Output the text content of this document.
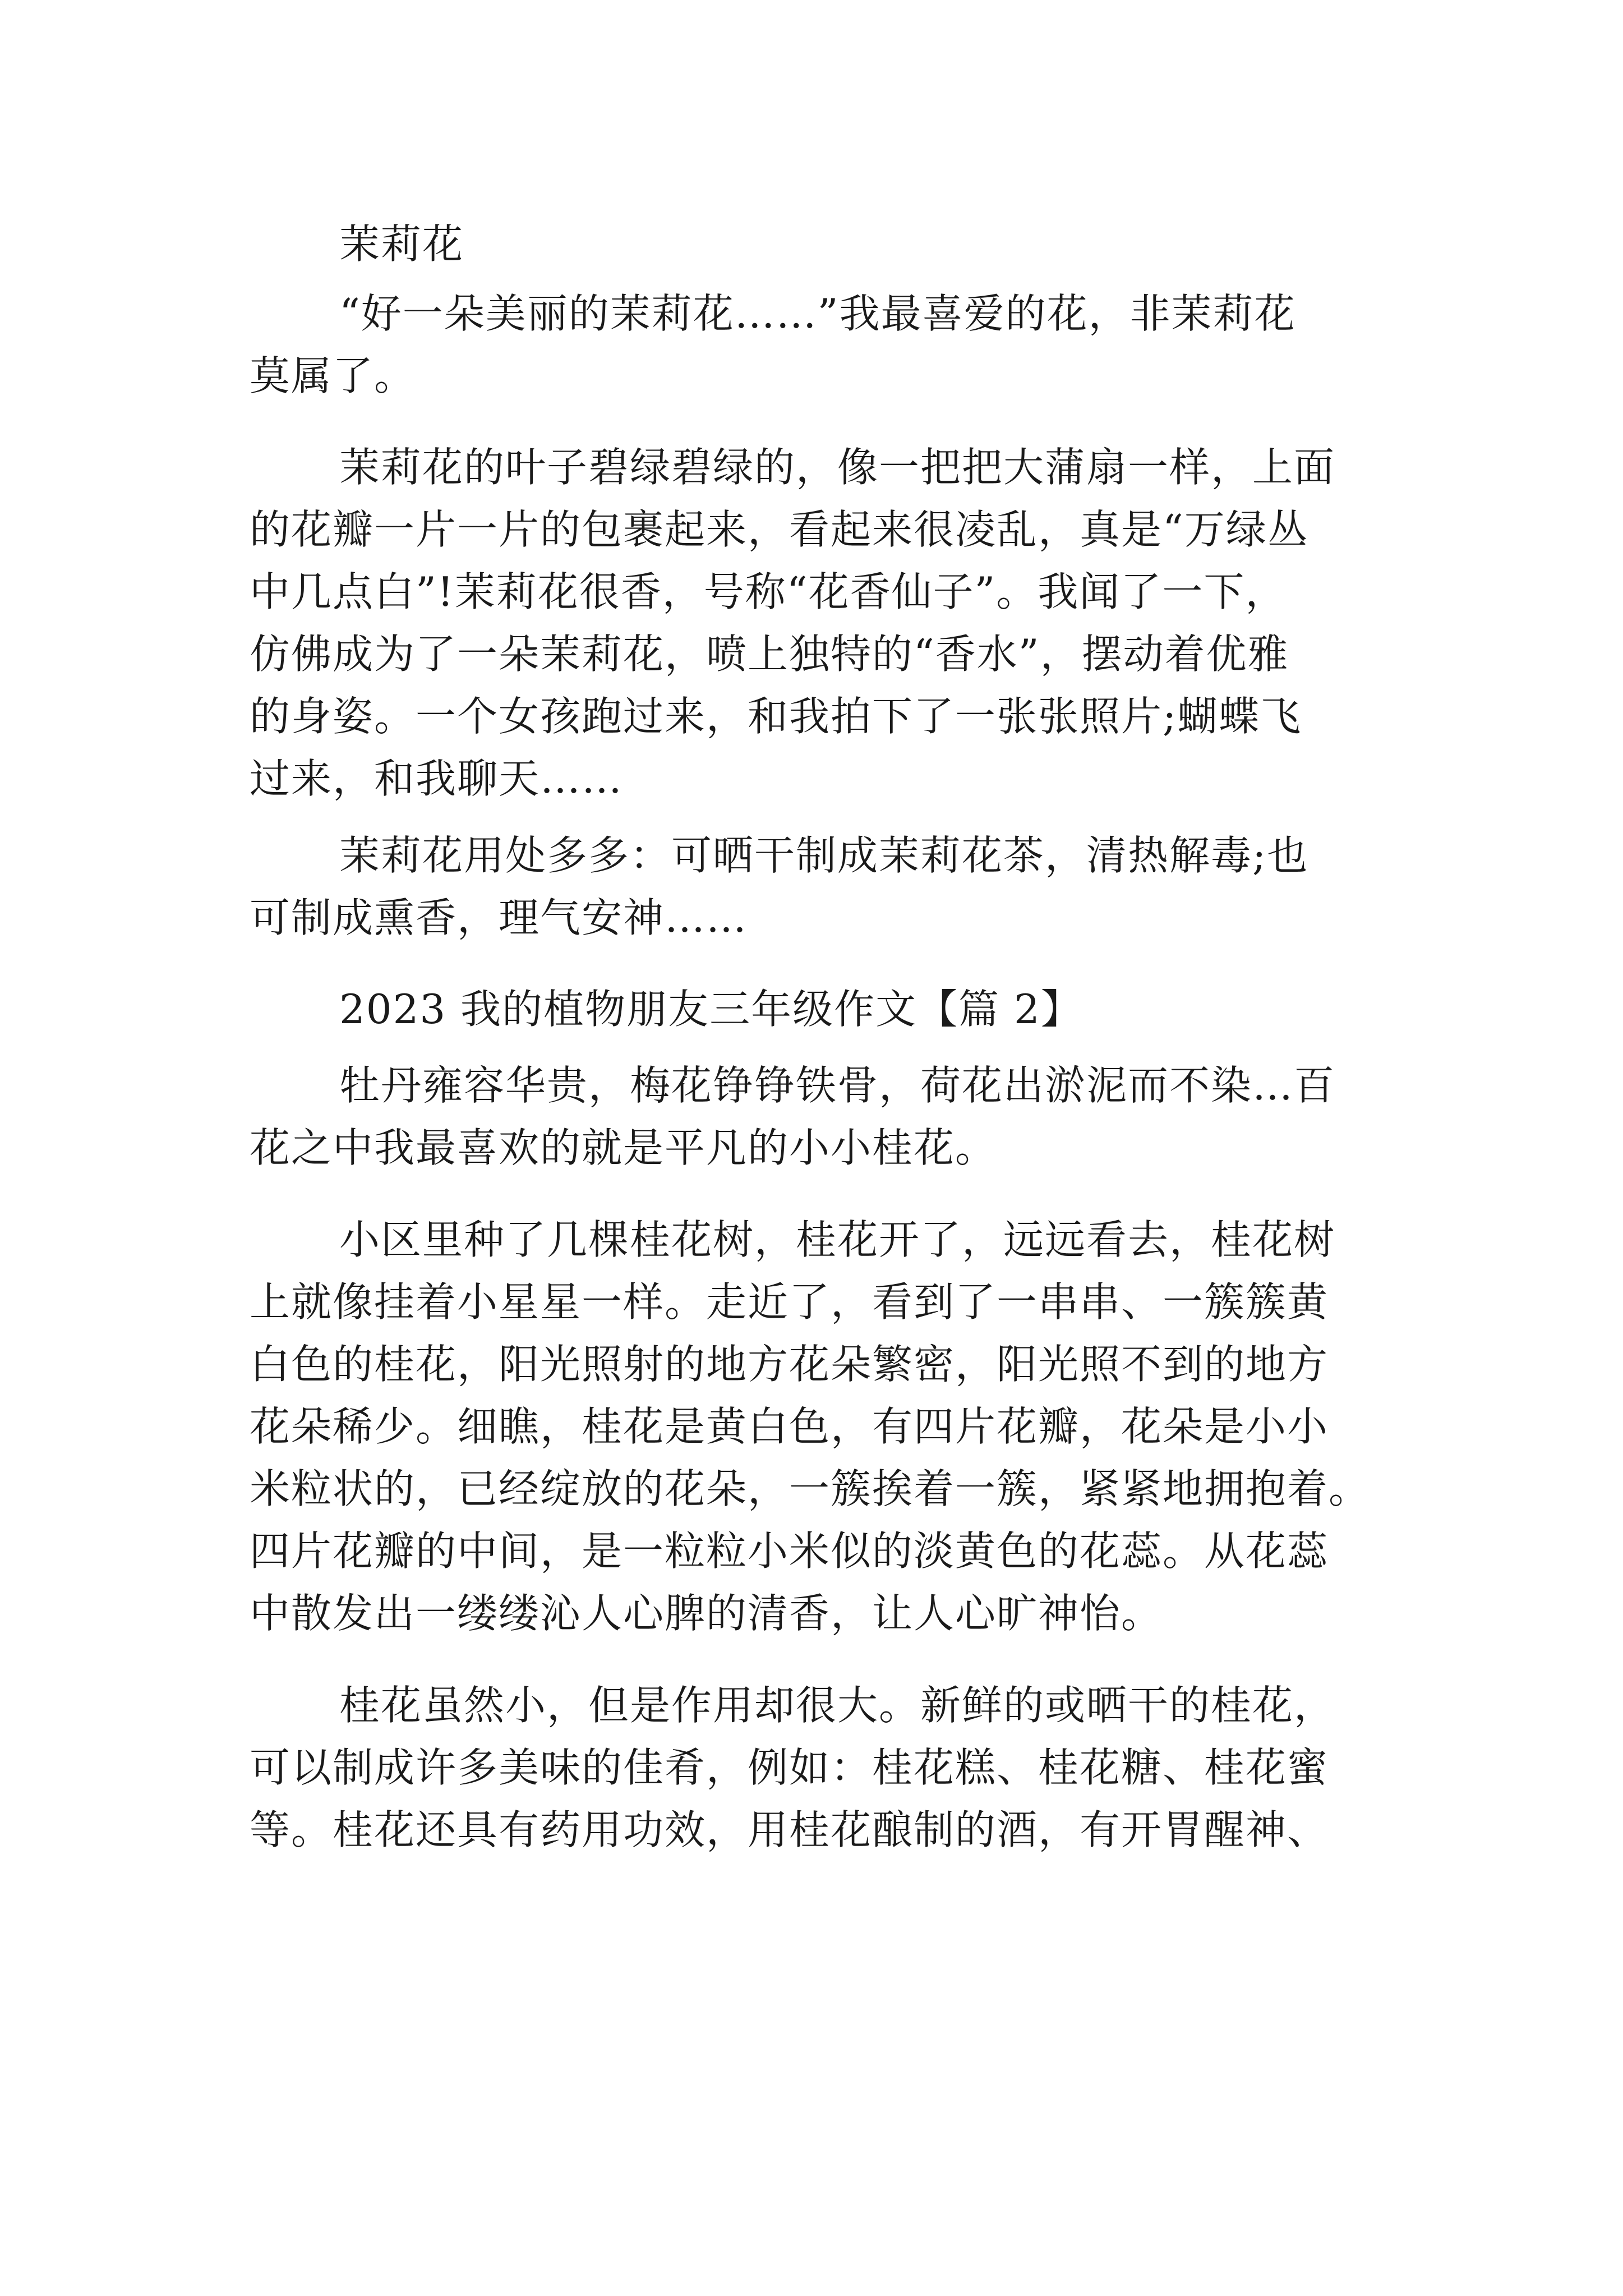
茉莉花
“好一朵美丽的茉莉花……”我最喜爱的花，非茉莉花
莫属了。
茉莉花的叶子碧绿碧绿的，像一把把大蒲扇一样，上面
的花瓣一片一片的包裹起来，看起来很凌乱，真是“万绿丛
中几点白”!茉莉花很香，号称“花香仙子”。我闻了一下，
仿佛成为了一朵茉莉花，喷上独特的“香水”，摆动着优雅
的身姿。一个女孩跑过来，和我拍下了一张张照片;蝴蝶飞
过来，和我聊天……
茉莉花用处多多：可晒干制成茉莉花茶，清热解毒;也
可制成熏香，理气安神……
2023 我的植物朋友三年级作文【篇 2】
牡丹雍容华贵，梅花铮铮铁骨，荷花出淤泥而不染…百
花之中我最喜欢的就是平凡的小小桂花。
小区里种了几棵桂花树，桂花开了，远远看去，桂花树
上就像挂着小星星一样。走近了，看到了一串串、一簇簇黄
白色的桂花，阳光照射的地方花朵繁密，阳光照不到的地方
花朵稀少。细瞧，桂花是黄白色，有四片花瓣，花朵是小小
米粒状的，已经绽放的花朵，一簇挨着一簇，紧紧地拥抱着。
四片花瓣的中间，是一粒粒小米似的淡黄色的花蕊。从花蕊
中散发出一缕缕沁人心脾的清香，让人心旷神怡。
桂花虽然小，但是作用却很大。新鲜的或晒干的桂花，
可以制成许多美味的佳肴，例如：桂花糕、桂花糖、桂花蜜
等。桂花还具有药用功效，用桂花酿制的酒，有开胃醒神、
